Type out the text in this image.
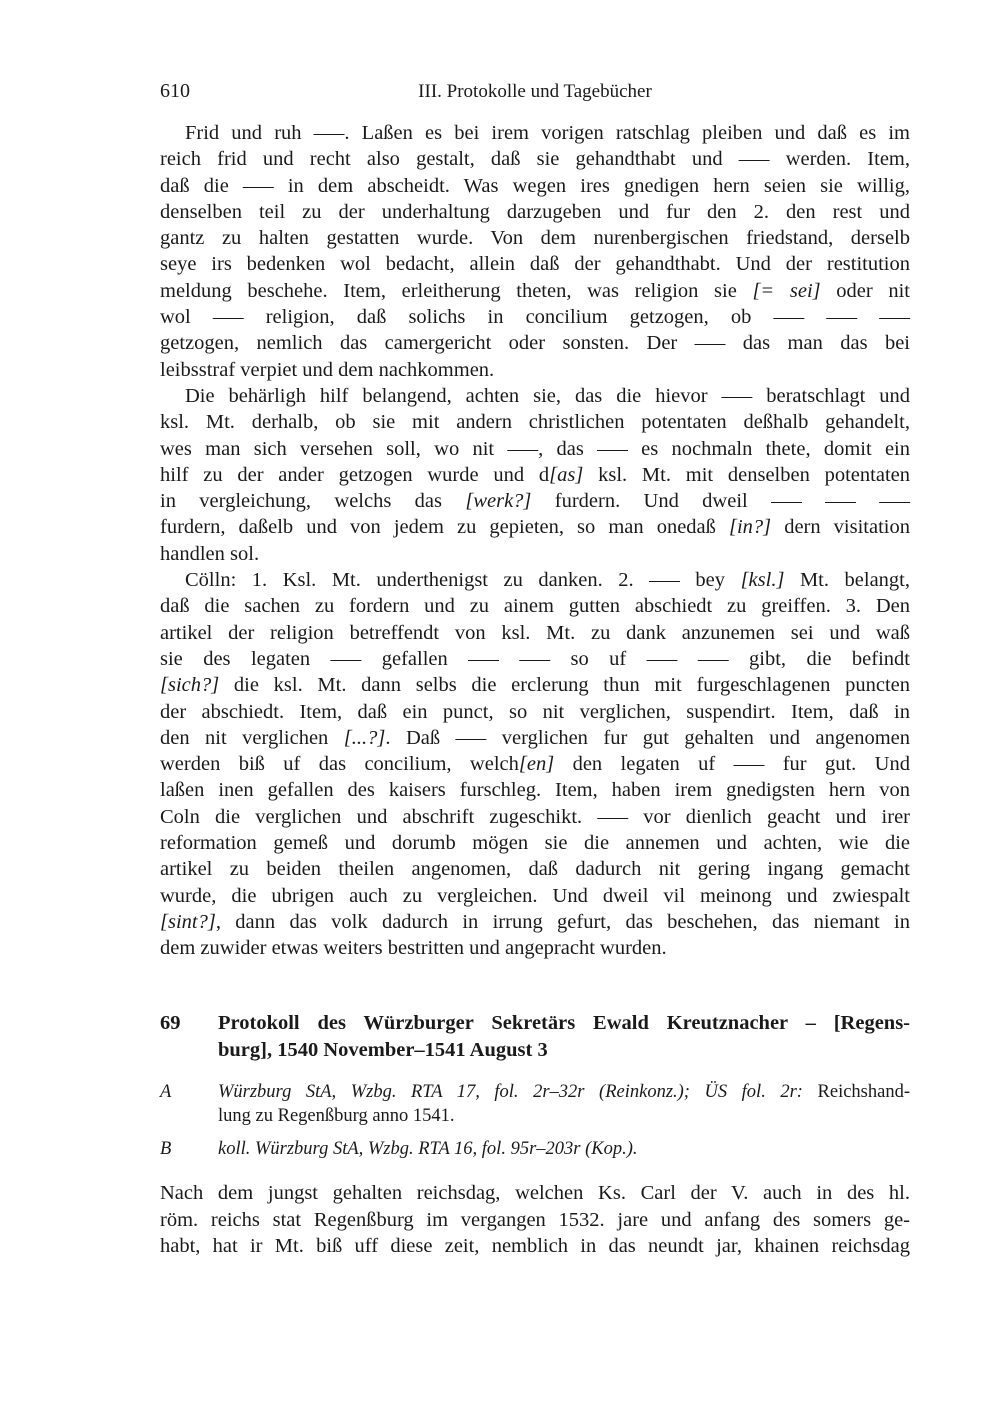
610	III. Protokolle und Tagebücher
Frid und ruh –––. Laßen es bei irem vorigen ratschlag pleiben und daß es im
reich frid und recht also gestalt, daß sie gehandthabt und ––– werden. Item,
daß die ––– in dem abscheidt. Was wegen ires gnedigen hern seien sie willig,
denselben teil zu der underhaltung darzugeben und fur den 2. den rest und
gantz zu halten gestatten wurde. Von dem nurenbergischen friedstand, derselb
seye irs bedenken wol bedacht, allein daß der gehandthabt. Und der restitution
meldung beschehe. Item, erleitherung theten, was religion sie [= sei] oder nit
wol ––– religion, daß solichs in concilium getzogen, ob ––– ––– –––
getzogen, nemlich das camergericht oder sonsten. Der ––– das man das bei
leibsstraf verpiet und dem nachkommen.
Die behärligh hilf belangend, achten sie, das die hievor ––– beratschlagt und
ksl. Mt. derhalb, ob sie mit andern christlichen potentaten deßhalb gehandelt,
wes man sich versehen soll, wo nit –––, das ––– es nochmaln thete, domit ein
hilf zu der ander getzogen wurde und d[as] ksl. Mt. mit denselben potentaten
in vergleichung, welchs das [werk?] furdern. Und dweil ––– ––– –––
furdern, daßelb und von jedem zu gepieten, so man onedaß [in?] dern visitation
handlen sol.
Cölln: 1. Ksl. Mt. underthenigst zu danken. 2. ––– bey [ksl.] Mt. belangt,
daß die sachen zu fordern und zu ainem gutten abschiedt zu greiffen. 3. Den
artikel der religion betreffendt von ksl. Mt. zu dank anzunemen sei und waß
sie des legaten ––– gefallen ––– ––– so uf ––– ––– gibt, die befindt
[sich?] die ksl. Mt. dann selbs die erclerung thun mit furgeschlagenen puncten
der abschiedt. Item, daß ein punct, so nit verglichen, suspendirt. Item, daß in
den nit verglichen [...?]. Daß ––– verglichen fur gut gehalten und angenomen
werden biß uf das concilium, welch[en] den legaten uf ––– fur gut. Und
laßen inen gefallen des kaisers furschleg. Item, haben irem gnedigsten hern von
Coln die verglichen und abschrift zugeschikt. ––– vor dienlich geacht und irer
reformation gemeß und dorumb mögen sie die annemen und achten, wie die
artikel zu beiden theilen angenomen, daß dadurch nit gering ingang gemacht
wurde, die ubrigen auch zu vergleichen. Und dweil vil meinong und zwiespalt
[sint?], dann das volk dadurch in irrung gefurt, das beschehen, das niemant in
dem zuwider etwas weiters bestritten und angepracht wurden.
69 Protokoll des Würzburger Sekretärs Ewald Kreutznacher – [Regens-
burg], 1540 November–1541 August 3
A	Würzburg StA, Wzbg. RTA 17, fol. 2r–32r (Reinkonz.); ÜS fol. 2r: Reichshand-
lung zu Regenßburg anno 1541.
B	koll. Würzburg StA, Wzbg. RTA 16, fol. 95r–203r (Kop.).
Nach dem jungst gehalten reichsdag, welchen Ks. Carl der V. auch in des hl.
röm. reichs stat Regenßburg im vergangen 1532. jare und anfang des somers ge-
habt, hat ir Mt. biß uff diese zeit, nemblich in das neundt jar, khainen reichsdag
